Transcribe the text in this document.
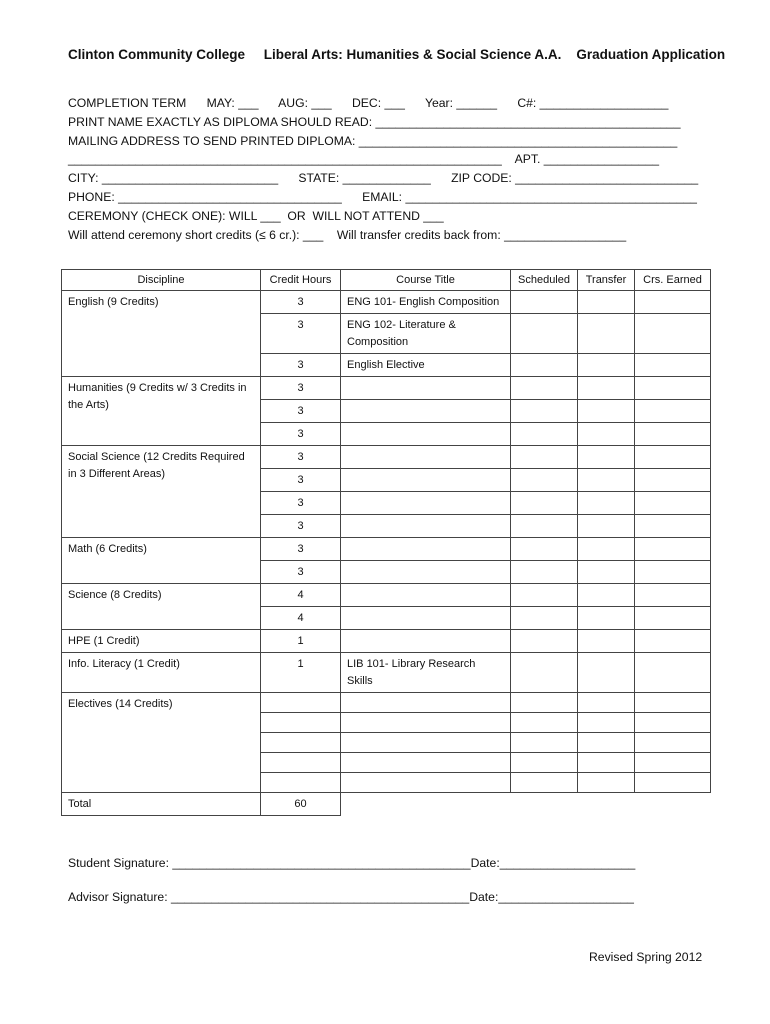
Clinton Community College     Liberal Arts: Humanities & Social Science A.A.    Graduation Application
COMPLETION TERM      MAY: ___      AUG: ___      DEC: ___      Year: ______      C#: ___________________
PRINT NAME EXACTLY AS DIPLOMA SHOULD READ: _____________________________________________
MAILING ADDRESS TO SEND PRINTED DIPLOMA: _______________________________________________
________________________________________________________________    APT. _________________
CITY: __________________________      STATE: _____________      ZIP CODE: ___________________________
PHONE: _________________________________      EMAIL: ___________________________________________
CEREMONY (CHECK ONE): WILL ___  OR  WILL NOT ATTEND ___
Will attend ceremony short credits (≤ 6 cr.): ___    Will transfer credits back from: __________________
Discipline	Credit Hours	Course Title	Scheduled	Transfer	Crs. Earned
English (9 Credits)	3	ENG 101- English Composition			
	3	ENG 102- Literature & Composition			
	3	English Elective			
Humanities (9 Credits w/ 3 Credits in the Arts)	3				
	3				
	3				
Social Science (12 Credits Required in 3 Different Areas)	3				
	3				
	3				
	3				
Math (6 Credits)	3				
	3				
Science (8 Credits)	4				
	4				
HPE (1 Credit)	1				
Info. Literacy (1 Credit)	1	LIB 101- Library Research Skills			
Electives (14 Credits)					

Total	60				
Student Signature: ____________________________________________Date:____________________
Advisor Signature: ____________________________________________Date:____________________
Revised Spring 2012
